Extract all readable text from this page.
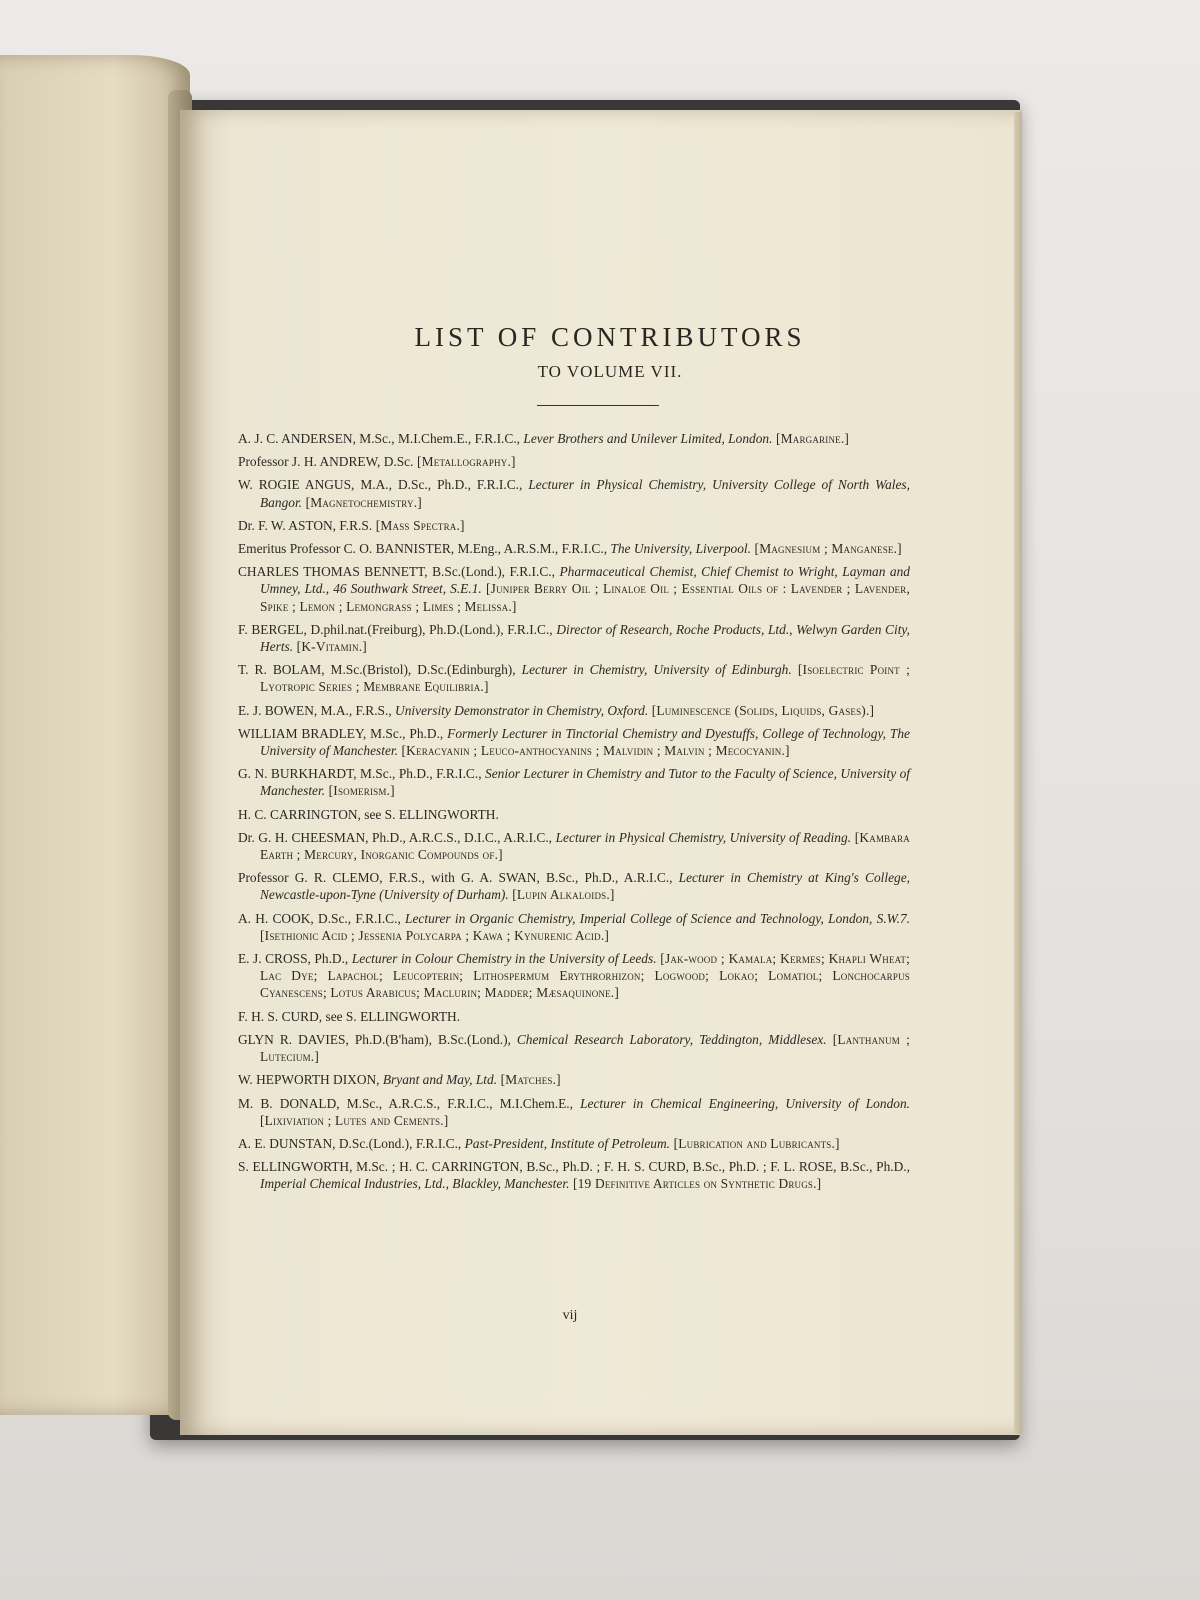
LIST OF CONTRIBUTORS
TO VOLUME VII.

A. J. C. ANDERSEN, M.Sc., M.I.Chem.E., F.R.I.C., Lever Brothers and Unilever Limited, London. [Margarine.]

Professor J. H. ANDREW, D.Sc. [Metallography.]

W. ROGIE ANGUS, M.A., D.Sc., Ph.D., F.R.I.C., Lecturer in Physical Chemistry, University College of North Wales, Bangor. [Magnetochemistry.]

Dr. F. W. ASTON, F.R.S. [Mass Spectra.]

Emeritus Professor C. O. BANNISTER, M.Eng., A.R.S.M., F.R.I.C., The University, Liverpool. [Magnesium ; Manganese.]

CHARLES THOMAS BENNETT, B.Sc.(Lond.), F.R.I.C., Pharmaceutical Chemist, Chief Chemist to Wright, Layman and Umney, Ltd., 46 Southwark Street, S.E.1. [Juniper Berry Oil ; Linaloe Oil ; Essential Oils of : Lavender ; Lavender, Spike ; Lemon ; Lemongrass ; Limes ; Melissa.]

F. BERGEL, D.phil.nat.(Freiburg), Ph.D.(Lond.), F.R.I.C., Director of Research, Roche Products, Ltd., Welwyn Garden City, Herts. [K-Vitamin.]

T. R. BOLAM, M.Sc.(Bristol), D.Sc.(Edinburgh), Lecturer in Chemistry, University of Edinburgh. [Isoelectric Point ; Lyotropic Series ; Membrane Equilibria.]

E. J. BOWEN, M.A., F.R.S., University Demonstrator in Chemistry, Oxford. [Luminescence (Solids, Liquids, Gases).]

WILLIAM BRADLEY, M.Sc., Ph.D., Formerly Lecturer in Tinctorial Chemistry and Dyestuffs, College of Technology, The University of Manchester. [Keracyanin ; Leuco-anthocyanins ; Malvidin ; Malvin ; Mecocyanin.]

G. N. BURKHARDT, M.Sc., Ph.D., F.R.I.C., Senior Lecturer in Chemistry and Tutor to the Faculty of Science, University of Manchester. [Isomerism.]

H. C. CARRINGTON, see S. ELLINGWORTH.

Dr. G. H. CHEESMAN, Ph.D., A.R.C.S., D.I.C., A.R.I.C., Lecturer in Physical Chemistry, University of Reading. [Kambara Earth ; Mercury, Inorganic Compounds of.]

Professor G. R. CLEMO, F.R.S., with G. A. SWAN, B.Sc., Ph.D., A.R.I.C., Lecturer in Chemistry at King's College, Newcastle-upon-Tyne (University of Durham). [Lupin Alkaloids.]

A. H. COOK, D.Sc., F.R.I.C., Lecturer in Organic Chemistry, Imperial College of Science and Technology, London, S.W.7. [Isethionic Acid ; Jessenia Polycarpa ; Kawa ; Kynurenic Acid.]

E. J. CROSS, Ph.D., Lecturer in Colour Chemistry in the University of Leeds. [Jak-wood ; Kamala; Kermes; Khapli Wheat; Lac Dye; Lapachol; Leucopterin; Lithospermum Erythrorhizon; Logwood; Lokao; Lomatiol; Lonchocarpus Cyanescens; Lotus Arabicus; Maclurin; Madder; Mæsaquinone.]

F. H. S. CURD, see S. ELLINGWORTH.

GLYN R. DAVIES, Ph.D.(B'ham), B.Sc.(Lond.), Chemical Research Laboratory, Teddington, Middlesex. [Lanthanum ; Lutecium.]

W. HEPWORTH DIXON, Bryant and May, Ltd. [Matches.]

M. B. DONALD, M.Sc., A.R.C.S., F.R.I.C., M.I.Chem.E., Lecturer in Chemical Engineering, University of London. [Lixiviation ; Lutes and Cements.]

A. E. DUNSTAN, D.Sc.(Lond.), F.R.I.C., Past-President, Institute of Petroleum. [Lubrication and Lubricants.]

S. ELLINGWORTH, M.Sc. ; H. C. CARRINGTON, B.Sc., Ph.D. ; F. H. S. CURD, B.Sc., Ph.D. ; F. L. ROSE, B.Sc., Ph.D., Imperial Chemical Industries, Ltd., Blackley, Manchester. [19 Definitive Articles on Synthetic Drugs.]

vij
